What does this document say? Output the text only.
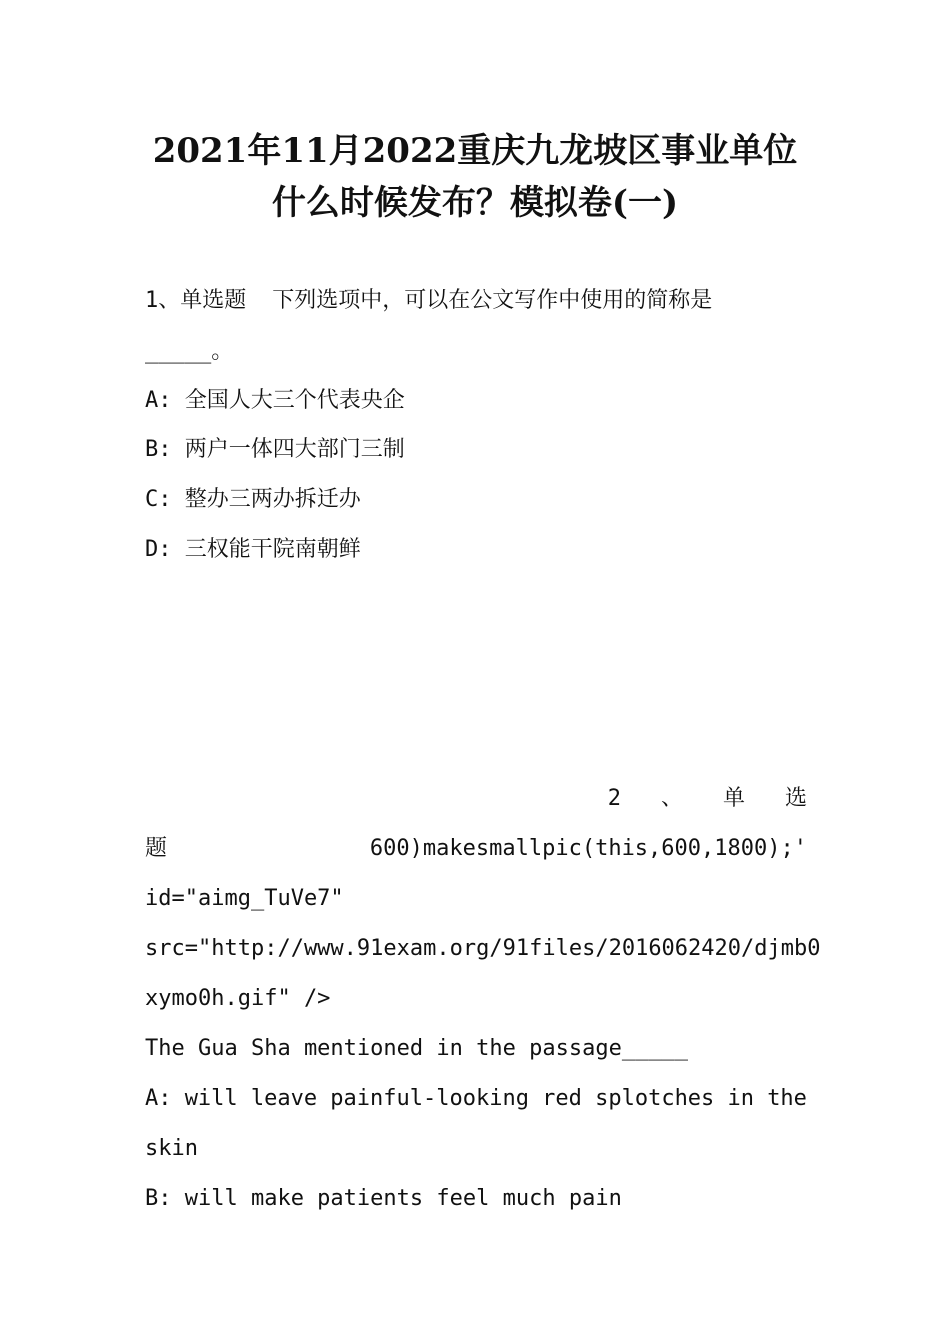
2021年11月2022重庆九龙坡区事业单位
什么时候发布？模拟卷(一)
1、单选题 下列选项中，可以在公文写作中使用的简称是
_____。
A: 全国人大三个代表央企
B: 两户一体四大部门三制
C: 整办三两办拆迁办
D: 三权能干院南朝鲜
2	、	单	选
题	600)makesmallpic(this,600,1800);'
id="aimg_TuVe7"
src="http://www.91exam.org/91files/2016062420/djmb0
xymo0h.gif" />
The Gua Sha mentioned in the passage_____
A: will leave painful-looking red splotches in the
skin
B: will make patients feel much pain
